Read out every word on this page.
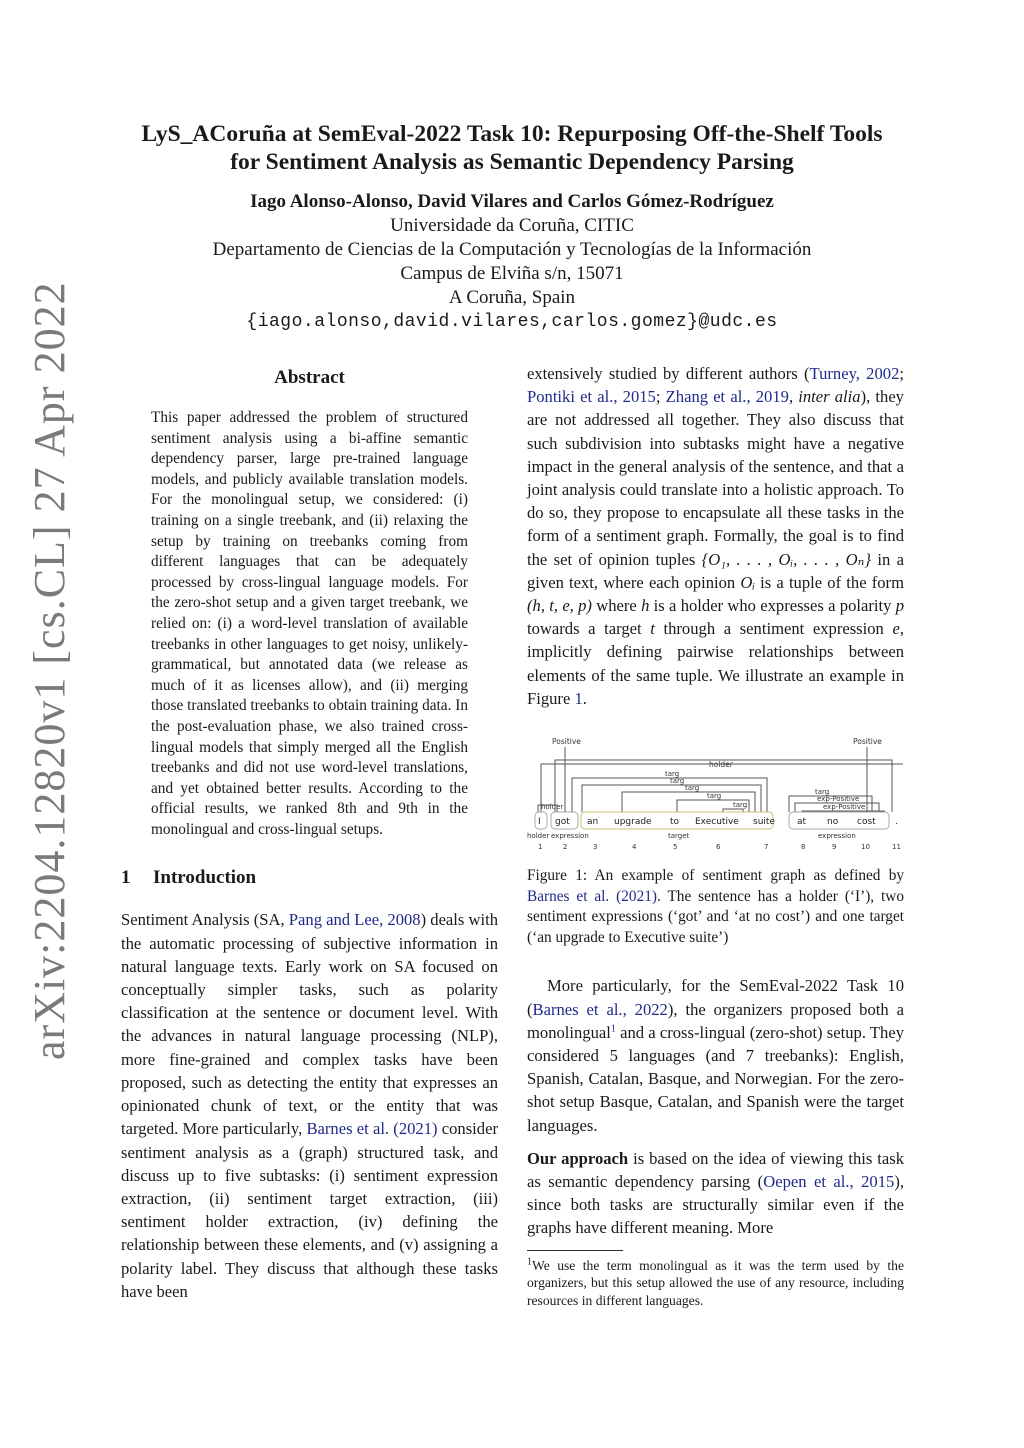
arXiv:2204.12820v1 [cs.CL] 27 Apr 2022
LyS_ACoruña at SemEval-2022 Task 10: Repurposing Off-the-Shelf Tools
for Sentiment Analysis as Semantic Dependency Parsing
Iago Alonso-Alonso, David Vilares and Carlos Gómez-Rodríguez
Universidade da Coruña, CITIC
Departamento de Ciencias de la Computación y Tecnologías de la Información
Campus de Elviña s/n, 15071
A Coruña, Spain
{iago.alonso,david.vilares,carlos.gomez}@udc.es
Abstract

This paper addressed the problem of structured sentiment analysis using a bi-affine semantic dependency parser, large pre-trained language models, and publicly available translation models. For the monolingual setup, we considered: (i) training on a single treebank, and (ii) relaxing the setup by training on treebanks coming from different languages that can be adequately processed by cross-lingual language models. For the zero-shot setup and a given target treebank, we relied on: (i) a word-level translation of available treebanks in other languages to get noisy, unlikely-grammatical, but annotated data (we release as much of it as licenses allow), and (ii) merging those translated treebanks to obtain training data. In the post-evaluation phase, we also trained cross-lingual models that simply merged all the English treebanks and did not use word-level translations, and yet obtained better results. According to the official results, we ranked 8th and 9th in the monolingual and cross-lingual setups.

1 Introduction

Sentiment Analysis (SA, Pang and Lee, 2008) deals with the automatic processing of subjective information in natural language texts. Early work on SA focused on conceptually simpler tasks, such as polarity classification at the sentence or document level. With the advances in natural language processing (NLP), more fine-grained and complex tasks have been proposed, such as detecting the entity that expresses an opinionated chunk of text, or the entity that was targeted. More particularly, Barnes et al. (2021) consider sentiment analysis as a (graph) structured task, and discuss up to five subtasks: (i) sentiment expression extraction, (ii) sentiment target extraction, (iii) sentiment holder extraction, (iv) defining the relationship between these elements, and (v) assigning a polarity label. They discuss that although these tasks have been

extensively studied by different authors (Turney, 2002; Pontiki et al., 2015; Zhang et al., 2019, inter alia), they are not addressed all together. They also discuss that such subdivision into subtasks might have a negative impact in the general analysis of the sentence, and that a joint analysis could translate into a holistic approach. To do so, they propose to encapsulate all these tasks in the form of a sentiment graph. Formally, the goal is to find the set of opinion tuples {O₁, . . . , Oᵢ, . . . , Oₙ} in a given text, where each opinion Oᵢ is a tuple of the form (h, t, e, p) where h is a holder who expresses a polarity p towards a target t through a sentiment expression e, implicitly defining pairwise relationships between elements of the same tuple. We illustrate an example in Figure 1.

Positive	Positive
holder
holder
targ
targ
targ
targ
targ
targ
exp-Positive
exp-Positive
I got an upgrade to Executive suite at no cost .
holder expression	target	expression
1	2	3	4	5	6	7	8	9	10	11

Figure 1: An example of sentiment graph as defined by Barnes et al. (2021). The sentence has a holder (‘I’), two sentiment expressions (‘got’ and ‘at no cost’) and one target (‘an upgrade to Executive suite’)

More particularly, for the SemEval-2022 Task 10 (Barnes et al., 2022), the organizers proposed both a monolingual$^1$ and a cross-lingual (zero-shot) setup. They considered 5 languages (and 7 treebanks): English, Spanish, Catalan, Basque, and Norwegian. For the zero-shot setup Basque, Catalan, and Spanish were the target languages.

Our approach is based on the idea of viewing this task as semantic dependency parsing (Oepen et al., 2015), since both tasks are structurally similar even if the graphs have different meaning. More

$^1$We use the term monolingual as it was the term used by the organizers, but this setup allowed the use of any resource, including resources in different languages.
